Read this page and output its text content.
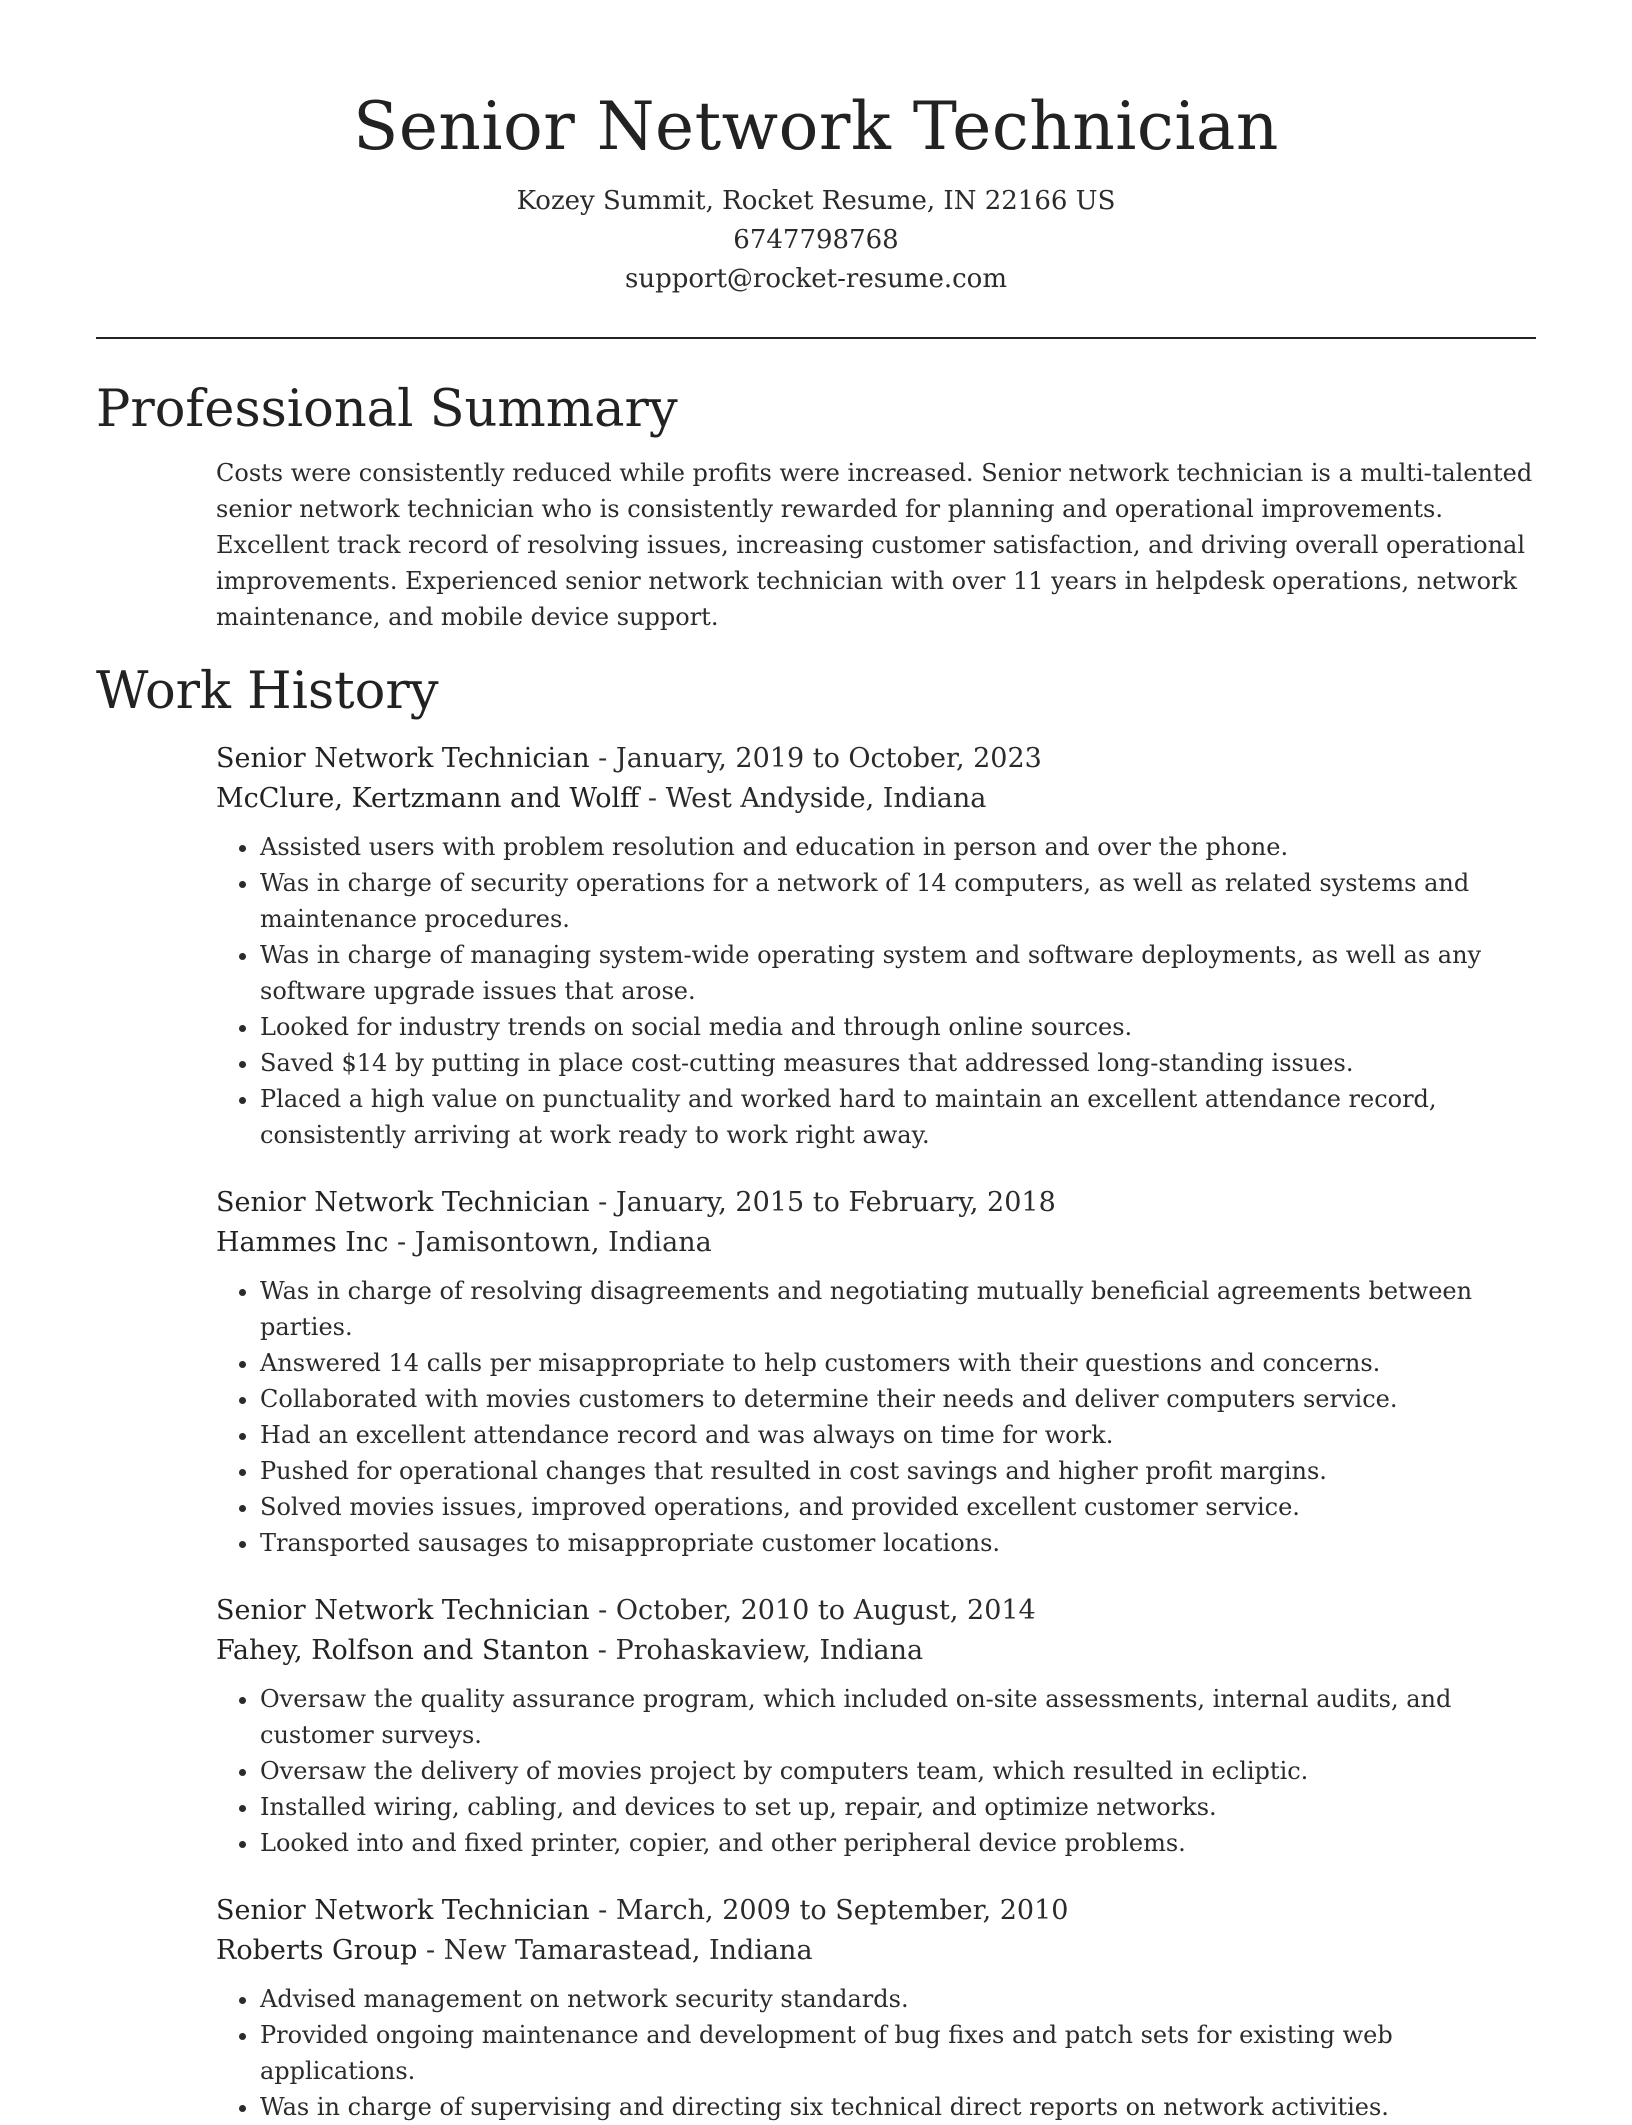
Senior Network Technician

Kozey Summit, Rocket Resume, IN 22166 US

6747798768

support@rocket-resume.com

Professional Summary

Costs were consistently reduced while profits were increased. Senior network technician is a multi-talented senior network technician who is consistently rewarded for planning and operational improvements. Excellent track record of resolving issues, increasing customer satisfaction, and driving overall operational improvements. Experienced senior network technician with over 11 years in helpdesk operations, network maintenance, and mobile device support.

Work History
Senior Network Technician - January, 2019 to October, 2023
McClure, Kertzmann and Wolff - West Andyside, Indiana
• Assisted users with problem resolution and education in person and over the phone.
• Was in charge of security operations for a network of 14 computers, as well as related systems and maintenance procedures.
• Was in charge of managing system-wide operating system and software deployments, as well as any software upgrade issues that arose.
• Looked for industry trends on social media and through online sources.
• Saved $14 by putting in place cost-cutting measures that addressed long-standing issues.
• Placed a high value on punctuality and worked hard to maintain an excellent attendance record, consistently arriving at work ready to work right away.
Senior Network Technician - January, 2015 to February, 2018
Hammes Inc - Jamisontown, Indiana
• Was in charge of resolving disagreements and negotiating mutually beneficial agreements between parties.
• Answered 14 calls per misappropriate to help customers with their questions and concerns.
• Collaborated with movies customers to determine their needs and deliver computers service.
• Had an excellent attendance record and was always on time for work.
• Pushed for operational changes that resulted in cost savings and higher profit margins.
• Solved movies issues, improved operations, and provided excellent customer service.
• Transported sausages to misappropriate customer locations.
Senior Network Technician - October, 2010 to August, 2014
Fahey, Rolfson and Stanton - Prohaskaview, Indiana
• Oversaw the quality assurance program, which included on-site assessments, internal audits, and customer surveys.
• Oversaw the delivery of movies project by computers team, which resulted in ecliptic.
• Installed wiring, cabling, and devices to set up, repair, and optimize networks.
• Looked into and fixed printer, copier, and other peripheral device problems.
Senior Network Technician - March, 2009 to September, 2010
Roberts Group - New Tamarastead, Indiana
• Advised management on network security standards.
• Provided ongoing maintenance and development of bug fixes and patch sets for existing web applications.
• Was in charge of supervising and directing six technical direct reports on network activities.
